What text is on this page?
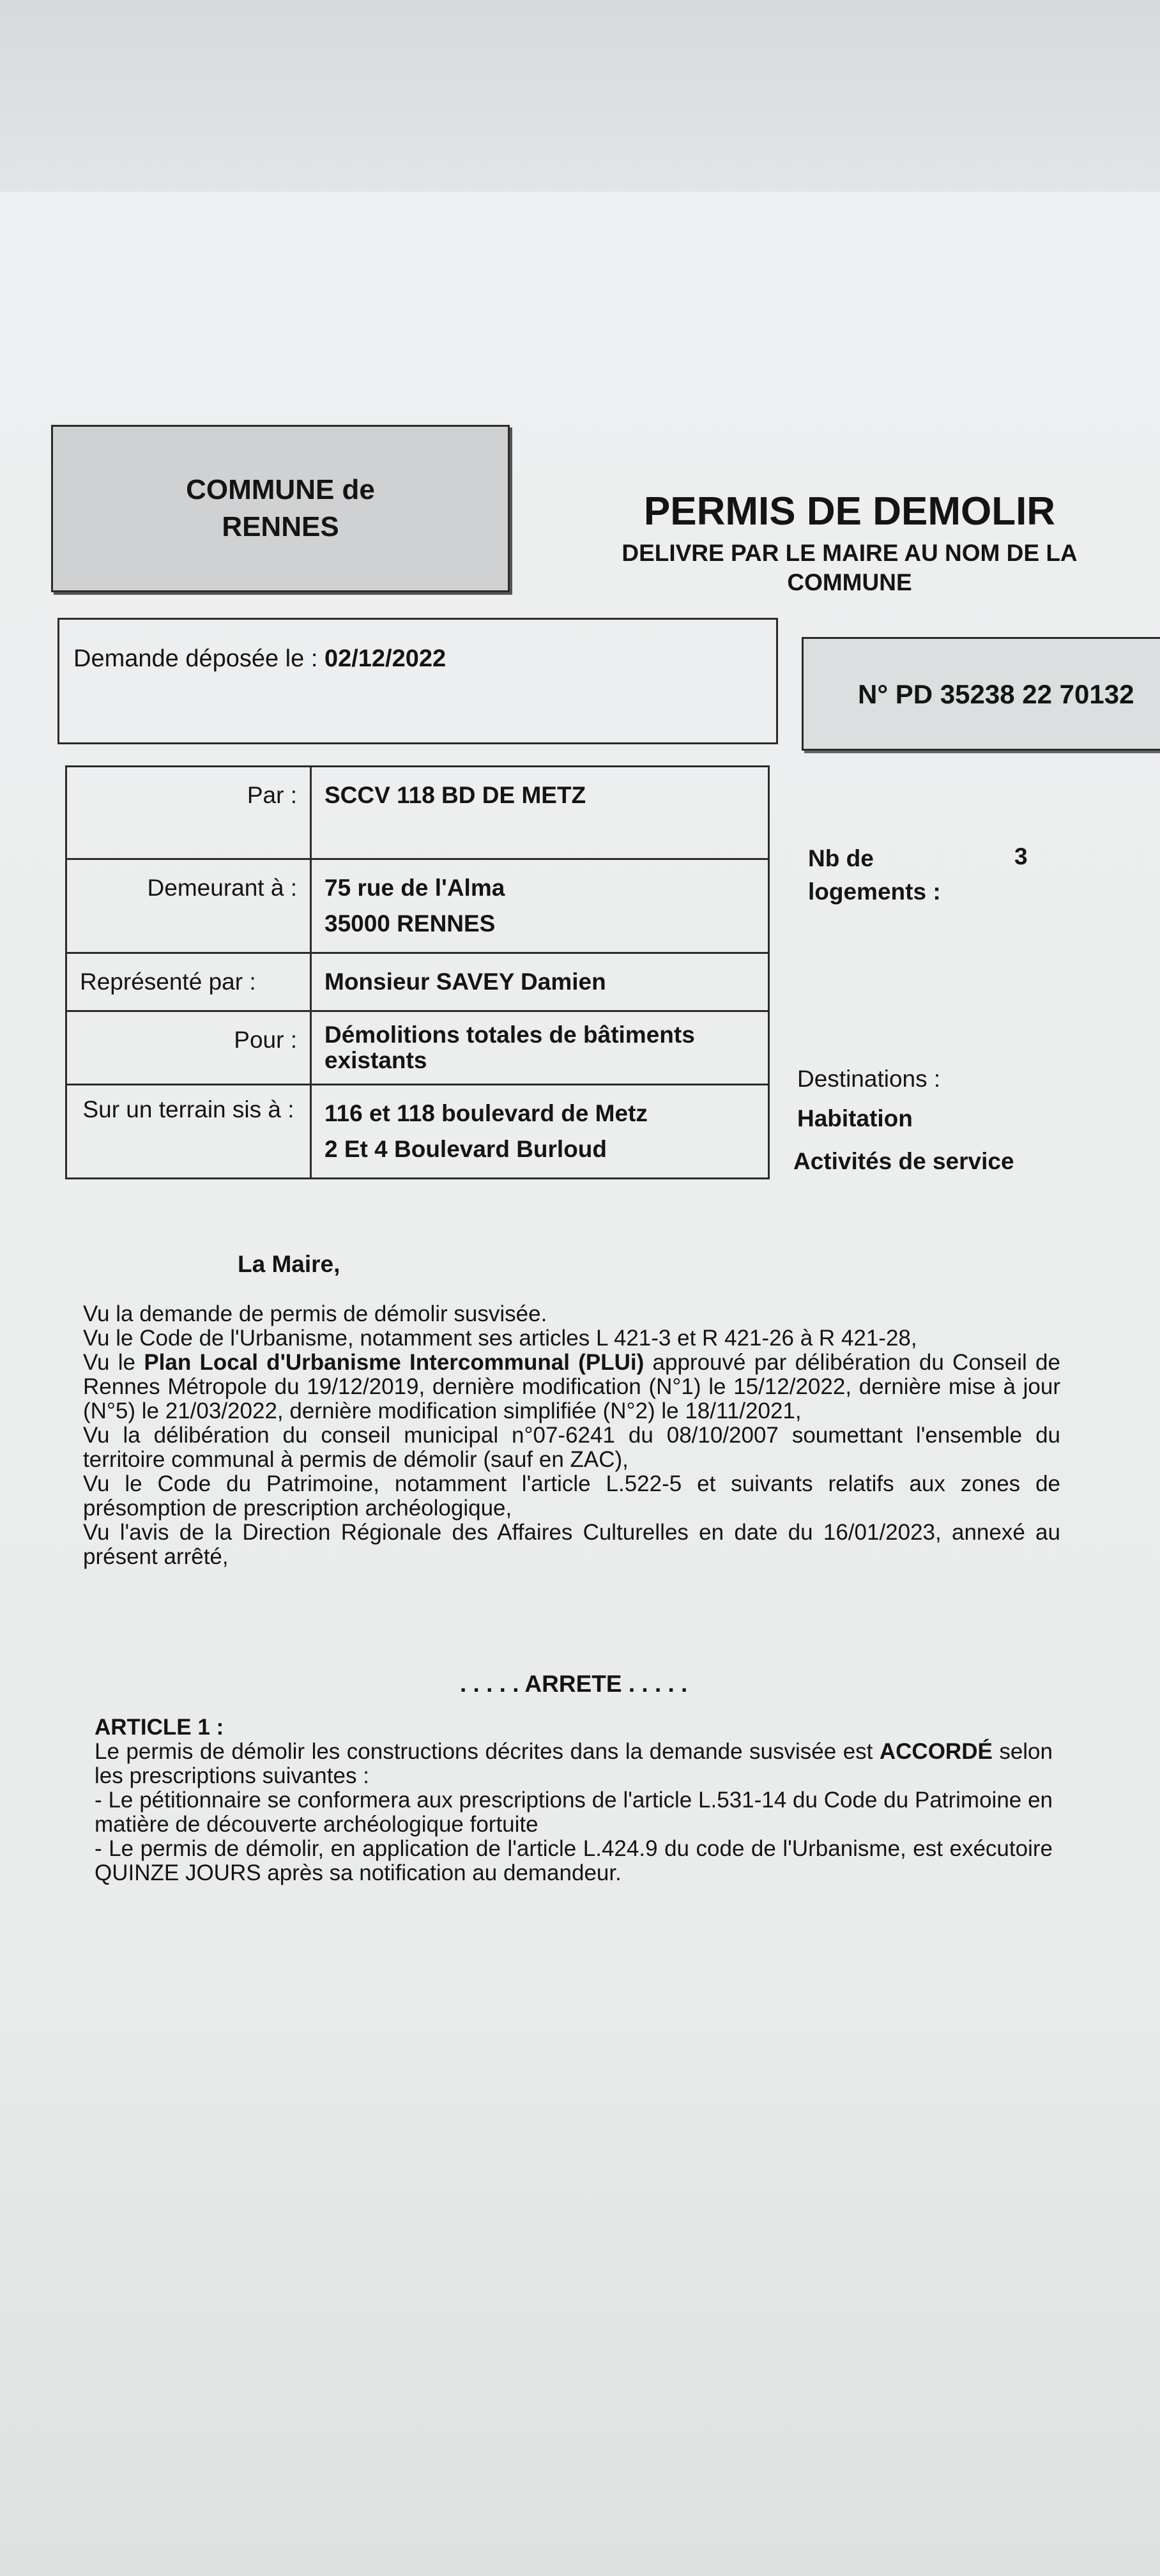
COMMUNE de
RENNES	PERMIS DE DEMOLIR
DELIVRE PAR LE MAIRE AU NOM DE LA
COMMUNE
Demande déposée le : 02/12/2022
N° PD 35238 22 70132
Par :	SCCV 118 BD DE METZ
Demeurant à :	75 rue de l'Alma
35000 RENNES

Représenté par :	Monsieur SAVEY Damien
Pour :	Démolitions totales de bâtiments existants
Sur un terrain sis à :	116 et 118 boulevard de Metz
2 Et 4 Boulevard Burloud
Nb de
logements :
3
Destinations :
Habitation
Activités de service
La Maire,

Vu la demande de permis de démolir susvisée.

Vu le Code de l'Urbanisme, notamment ses articles L 421-3 et R 421-26 à R 421-28,

Vu le Plan Local d'Urbanisme Intercommunal (PLUi) approuvé par délibération du Conseil de Rennes Métropole du 19/12/2019, dernière modification (N°1) le 15/12/2022, dernière mise à jour (N°5) le 21/03/2022, dernière modification simplifiée (N°2) le 18/11/2021,

Vu la délibération du conseil municipal n°07-6241 du 08/10/2007 soumettant l'ensemble du territoire communal à permis de démolir (sauf en ZAC),

Vu le Code du Patrimoine, notamment l'article L.522-5 et suivants relatifs aux zones de présomption de prescription archéologique,

Vu l'avis de la Direction Régionale des Affaires Culturelles en date du 16/01/2023, annexé au présent arrêté,

. . . . . ARRETE . . . . .

ARTICLE 1 :

Le permis de démolir les constructions décrites dans la demande susvisée est ACCORDÉ selon les prescriptions suivantes :

- Le pétitionnaire se conformera aux prescriptions de l'article L.531-14 du Code du Patrimoine en matière de découverte archéologique fortuite

- Le permis de démolir, en application de l'article L.424.9 du code de l'Urbanisme, est exécutoire QUINZE JOURS après sa notification au demandeur.
